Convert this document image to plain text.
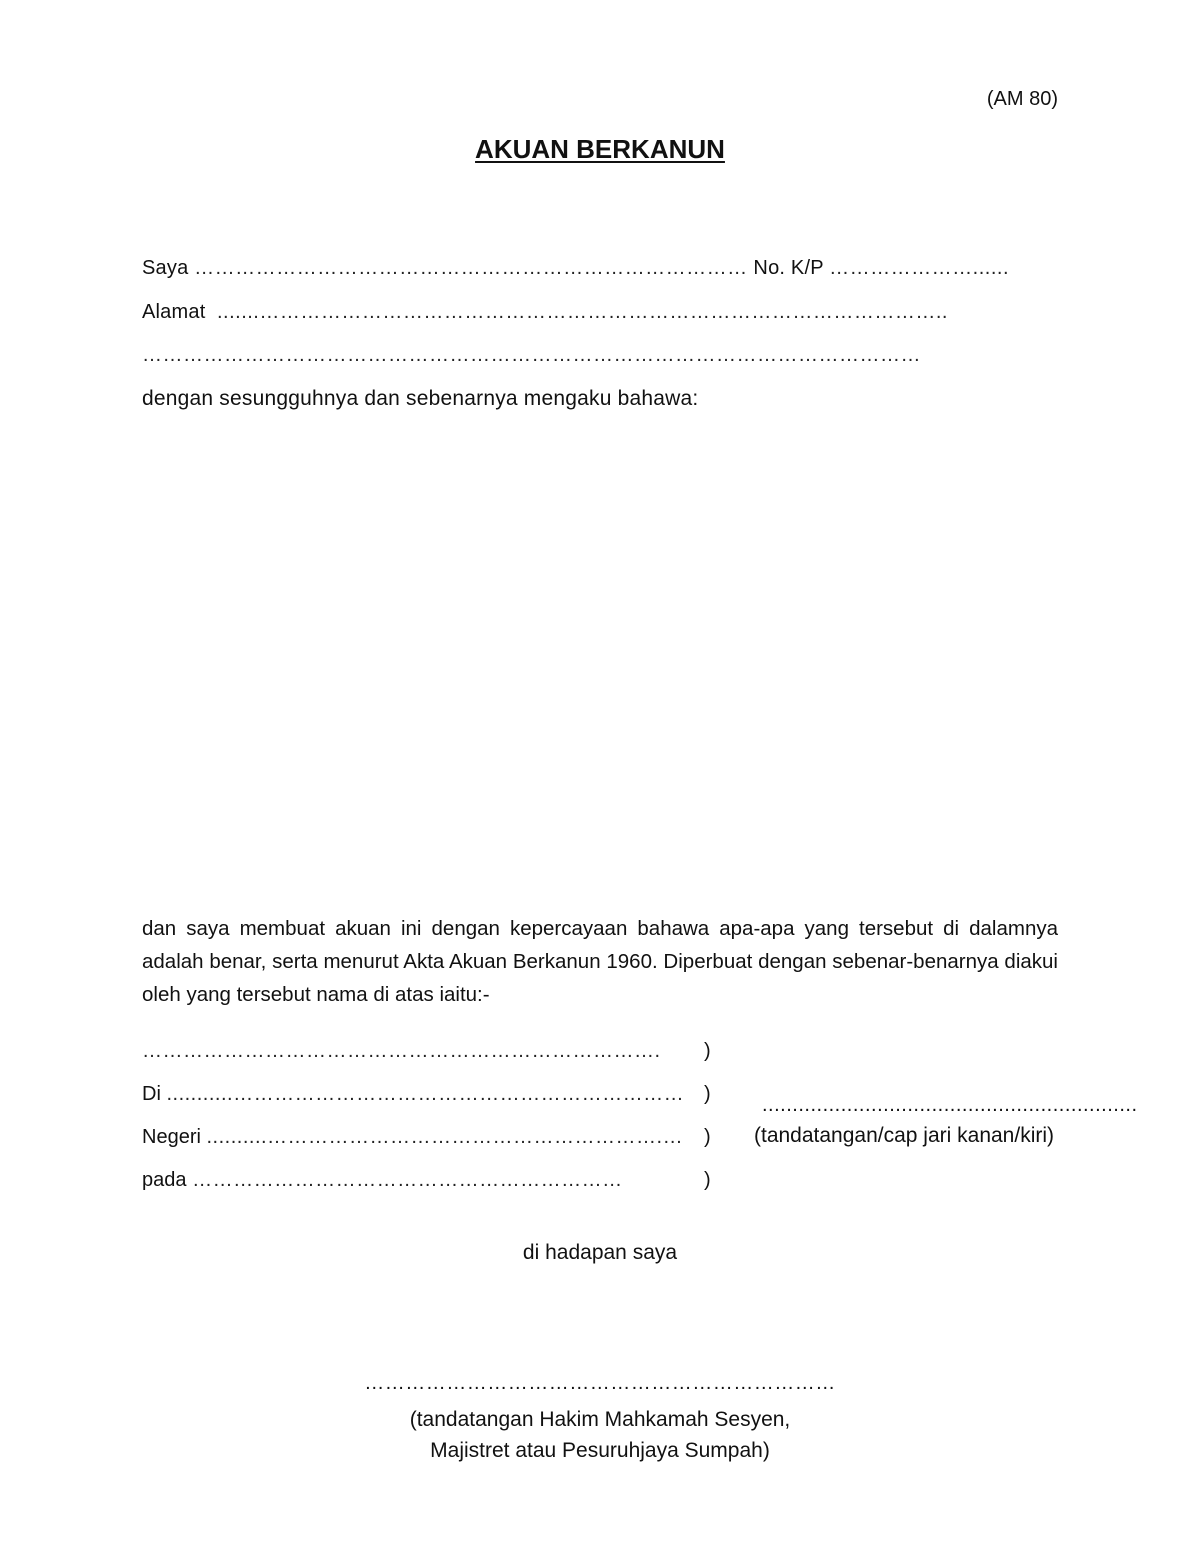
(AM 80)
AKUAN BERKANUN
Saya ……………………………………………………………………… No. K/P …………………......
Alamat .......………………………………………………………………………………………..
……………………………………………………………………………………………………
dengan sesungguhnya dan sebenarnya mengaku bahawa:

dan saya membuat akuan ini dengan kepercayaan bahawa apa-apa yang tersebut di dalamnya adalah benar, serta menurut Akta Akuan Berkanun 1960. Diperbuat dengan sebenar-benarnya diakui oleh yang tersebut nama di atas iaitu:-

…………………………………………………………………. )
Di ...........………………………………………………………… )
Negeri ..........………………………………………………….… )
pada ………………………………………………………	)
..............................................................
(tandatangan/cap jari kanan/kiri)
di hadapan saya
……………………………………………………………
(tandatangan Hakim Mahkamah Sesyen,
Majistret atau Pesuruhjaya Sumpah)
